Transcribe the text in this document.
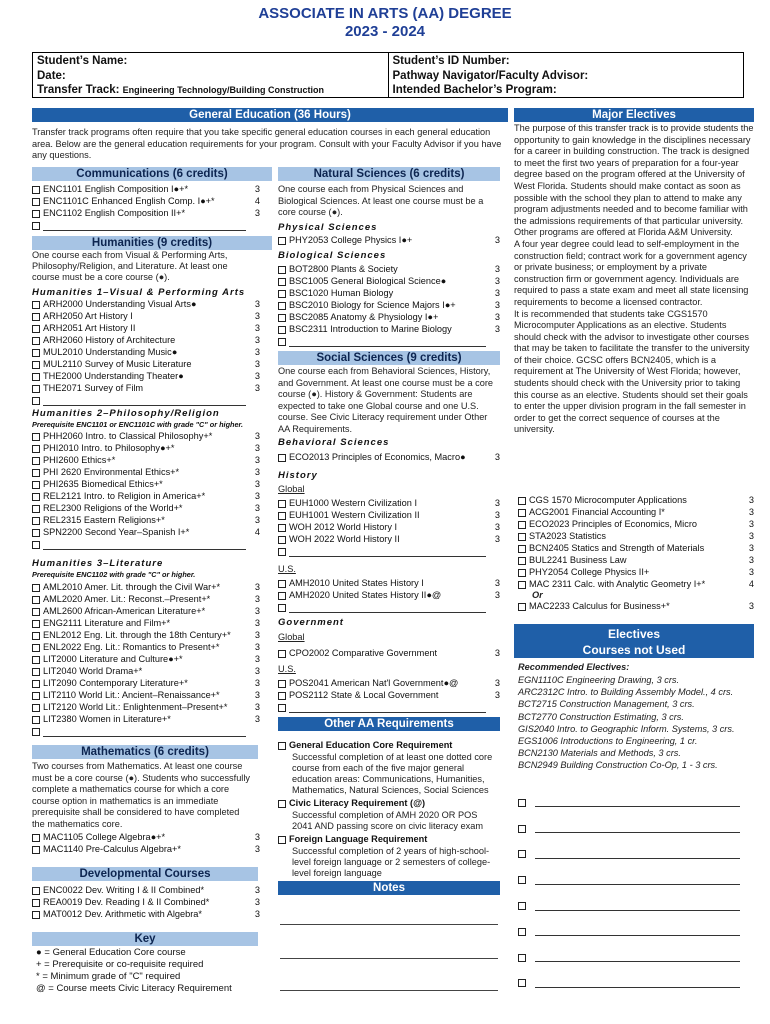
ASSOCIATE IN ARTS (AA) DEGREE
2023 - 2024
Student’s Name:
Date:
Transfer Track: Engineering Technology/Building Construction
Student’s ID Number:
Pathway Navigator/Faculty Advisor:
Intended Bachelor’s Program:
General Education (36 Hours)
Transfer track programs often require that you take specific general education courses in each general education area. Below are the general education requirements for your program. Consult with your Faculty Advisor if you have any questions.
Communications (6 credits)
ENC1101 English Composition I●+*	3
ENC1101C Enhanced English Comp. I●+*	4
ENC1102 English Composition II+*	3
Humanities (9 credits)
One course each from Visual & Performing Arts, Philosophy/Religion, and Literature. At least one course must be a core course (●).
Humanities 1–Visual & Performing Arts
ARH2000 Understanding Visual Arts●	3
ARH2050 Art History I	3
ARH2051 Art History II	3
ARH2060 History of Architecture	3
MUL2010 Understanding Music●	3
MUL2110 Survey of Music Literature	3
THE2000 Understanding Theater●	3
THE2071 Survey of Film	3
Humanities 2–Philosophy/Religion
Prerequisite ENC1101 or ENC1101C with grade "C" or higher.
PHH2060 Intro. to Classical Philosophy+*	3
PHI2010 Intro. to Philosophy●+*	3
PHI2600 Ethics+*	3
PHI 2620 Environmental Ethics+*	3
PHI2635 Biomedical Ethics+*	3
REL2121 Intro. to Religion in America+*	3
REL2300 Religions of the World+*	3
REL2315 Eastern Religions+*	3
SPN2200 Second Year–Spanish I+*	4
Humanities 3–Literature
Prerequisite ENC1102 with grade "C" or higher.
AML2010 Amer. Lit. through the Civil War+*	3
AML2020 Amer. Lit.: Reconst.–Present+*	3
AML2600 African-American Literature+*	3
ENG2111 Literature and Film+*	3
ENL2012 Eng. Lit. through the 18th Century+*	3
ENL2022 Eng. Lit.: Romantics to Present+*	3
LIT2000 Literature and Culture●+*	3
LIT2040 World Drama+*	3
LIT2090 Contemporary Literature+*	3
LIT2110 World Lit.: Ancient–Renaissance+*	3
LIT2120 World Lit.: Enlightenment–Present+*	3
LIT2380 Women in Literature+*	3
Mathematics (6 credits)
Two courses from Mathematics. At least one course must be a core course (●). Students who successfully complete a mathematics course for which a core course option in mathematics is an immediate prerequisite shall be considered to have completed the mathematics core.
MAC1105 College Algebra●+*	3
MAC1140 Pre-Calculus Algebra+*	3
Developmental Courses
ENC0022 Dev. Writing I & II Combined*	3
REA0019 Dev. Reading I & II Combined*	3
MAT0012 Dev. Arithmetic with Algebra*	3
Key
● = General Education Core course
+ = Prerequisite or co-requisite required
* = Minimum grade of "C" required
@ = Course meets Civic Literacy Requirement
Natural Sciences (6 credits)
One course each from Physical Sciences and Biological Sciences. At least one course must be a core course (●).
Physical Sciences
PHY2053 College Physics I●+	3
Biological Sciences
BOT2800 Plants & Society	3
BSC1005 General Biological Science●	3
BSC1020 Human Biology	3
BSC2010 Biology for Science Majors I●+	3
BSC2085 Anatomy & Physiology I●+	3
BSC2311 Introduction to Marine Biology	3
Social Sciences (9 credits)
One course each from Behavioral Sciences, History, and Government. At least one course must be a core course (●). History & Government: Students are expected to take one Global course and one U.S. course. See Civic Literacy requirement under Other AA Requirements.
Behavioral Sciences
ECO2013 Principles of Economics, Macro●	3
History
Global
EUH1000 Western Civilization I	3
EUH1001 Western Civilization II	3
WOH 2012 World History I	3
WOH 2022 World History II	3
U.S.
AMH2010 United States History I	3
AMH2020 United States History II●@	3
Government
Global
CPO2002 Comparative Government	3
U.S.
POS2041 American Nat'l Government●@	3
POS2112 State & Local Government	3
Other AA Requirements
General Education Core Requirement
Successful completion of at least one dotted core course from each of the five major general education areas: Communications, Humanities, Mathematics, Natural Sciences, Social Sciences
Civic Literacy Requirement (@)
Successful completion of AMH 2020 OR POS 2041 AND passing score on civic literacy exam
Foreign Language Requirement
Successful completion of 2 years of high-school-level foreign language or 2 semesters of college-level foreign language
Notes
Major Electives
The purpose of this transfer track is to provide students the opportunity to gain knowledge in the disciplines necessary for a career in building construction. The track is designed to meet the first two years of preparation for a four-year degree based on the program offered at the University of West Florida. Students should make contact as soon as possible with the school they plan to attend to make any program adjustments needed and to become familiar with the admissions requirements of that particular university. Other programs are offered at Florida A&M University.
A four year degree could lead to self-employment in the construction field; contract work for a government agency or private business; or employment by a private construction firm or government agency. Individuals are required to pass a state exam and meet all state licensing requirements to become a licensed contractor.
It is recommended that students take CGS1570 Microcomputer Applications as an elective. Students should check with the advisor to investigate other courses that may be taken to facilitate the transfer to the university of their choice. GCSC offers BCN2405, which is a requirement at The University of West Florida; however, students should check with the University prior to taking this course as an elective. Students should set their goals to enter the upper division program in the fall semester in order to get the correct sequence of courses at the university.
CGS 1570 Microcomputer Applications	3
ACG2001 Financial Accounting I*	3
ECO2023 Principles of Economics, Micro	3
STA2023 Statistics	3
BCN2405 Statics and Strength of Materials	3
BUL2241 Business Law	3
PHY2054 College Physics II+	3
MAC 2311 Calc. with Analytic Geometry I+*	4
Or
MAC2233 Calculus for Business+*	3
Electives
Courses not Used
Recommended Electives:
EGN1110C Engineering Drawing, 3 crs.
ARC2312C Intro. to Building Assembly Model., 4 crs.
BCT2715 Construction Management, 3 crs.
BCT2770 Construction Estimating, 3 crs.
GIS2040 Intro. to Geographic Inform. Systems, 3 crs.
EGS1006 Introductions to Engineering, 1 cr.
BCN2130 Materials and Methods, 3 crs.
BCN2949 Building Construction Co-Op, 1 - 3 crs.
